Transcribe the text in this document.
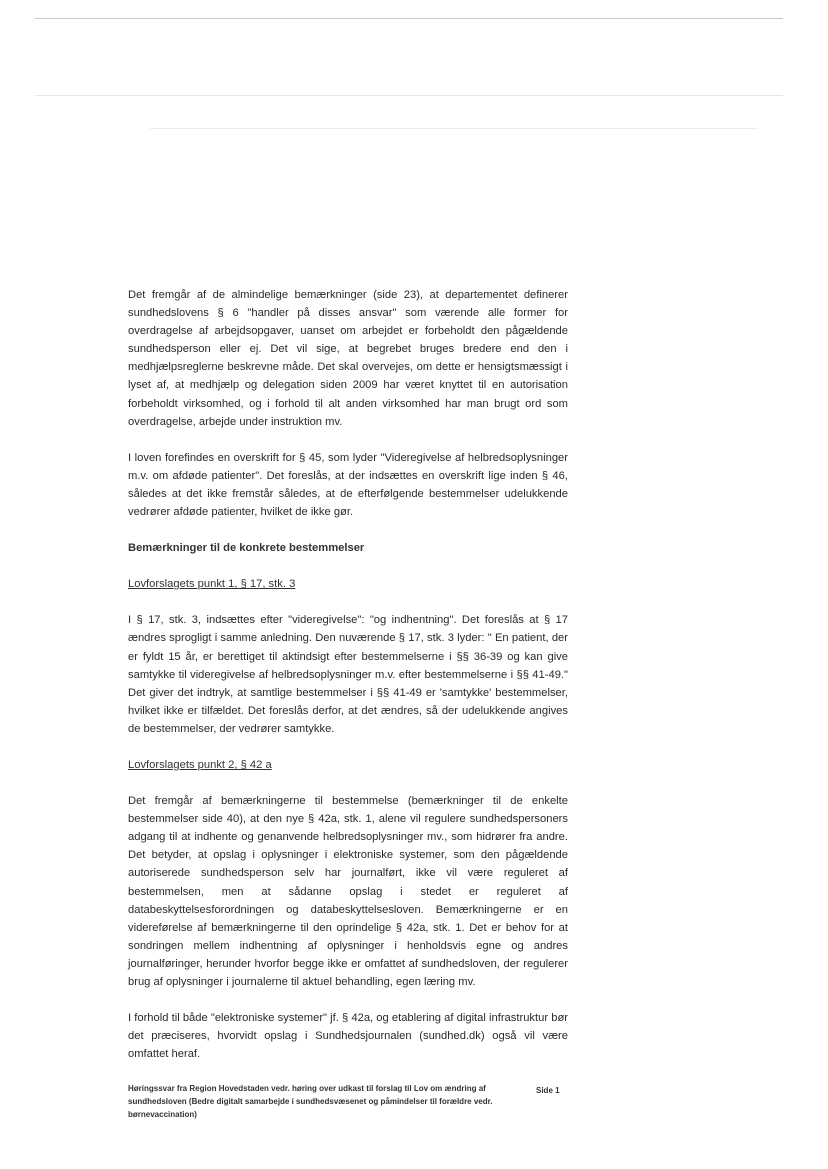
Det fremgår af de almindelige bemærkninger (side 23), at departementet definerer sundhedslovens § 6 "handler på disses ansvar" som værende alle former for overdragelse af arbejdsopgaver, uanset om arbejdet er forbeholdt den pågældende sundhedsperson eller ej. Det vil sige, at begrebet bruges bredere end den i medhjælpsreglerne beskrevne måde. Det skal overvejes, om dette er hensigtsmæssigt i lyset af, at medhjælp og delegation siden 2009 har været knyttet til en autorisation forbeholdt virksomhed, og i forhold til alt anden virksomhed har man brugt ord som overdragelse, arbejde under instruktion mv.

I loven forefindes en overskrift for § 45, som lyder "Videregivelse af helbredsoplysninger m.v. om afdøde patienter". Det foreslås, at der indsættes en overskrift lige inden § 46, således at det ikke fremstår således, at de efterfølgende bestemmelser udelukkende vedrører afdøde patienter, hvilket de ikke gør.

Bemærkninger til de konkrete bestemmelser
Lovforslagets punkt 1, § 17, stk. 3

I § 17, stk. 3, indsættes efter "videregivelse": "og indhentning". Det foreslås at § 17 ændres sprogligt i samme anledning. Den nuværende § 17, stk. 3 lyder: " En patient, der er fyldt 15 år, er berettiget til aktindsigt efter bestemmelserne i §§ 36-39 og kan give samtykke til videregivelse af helbredsoplysninger m.v. efter bestemmelserne i §§ 41-49." Det giver det indtryk, at samtlige bestemmelser i §§ 41-49 er 'samtykke' bestemmelser, hvilket ikke er tilfældet. Det foreslås derfor, at det ændres, så der udelukkende angives de bestemmelser, der vedrører samtykke.

Lovforslagets punkt 2, § 42 a

Det fremgår af bemærkningerne til bestemmelse (bemærkninger til de enkelte bestemmelser side 40), at den nye § 42a, stk. 1, alene vil regulere sundhedspersoners adgang til at indhente og genanvende helbredsoplysninger mv., som hidrører fra andre. Det betyder, at opslag i oplysninger i elektroniske systemer, som den pågældende autoriserede sundhedsperson selv har journalført, ikke vil være reguleret af bestemmelsen, men at sådanne opslag i stedet er reguleret af databeskyttelsesforordningen og databeskyttelsesloven. Bemærkningerne er en videreførelse af bemærkningerne til den oprindelige § 42a, stk. 1. Det er behov for at sondringen mellem indhentning af oplysninger i henholdsvis egne og andres journalføringer, herunder hvorfor begge ikke er omfattet af sundhedsloven, der regulerer brug af oplysninger i journalerne til aktuel behandling, egen læring mv.

I forhold til både "elektroniske systemer" jf. § 42a, og etablering af digital infrastruktur bør det præciseres, hvorvidt opslag i Sundhedsjournalen (sundhed.dk) også vil være omfattet heraf.

Høringssvar fra Region Hovedstaden vedr. høring over udkast til forslag til Lov om ændring af sundhedsloven (Bedre digitalt samarbejde i sundhedsvæsenet og påmindelser til forældre vedr. børnevaccination)
Side 1
